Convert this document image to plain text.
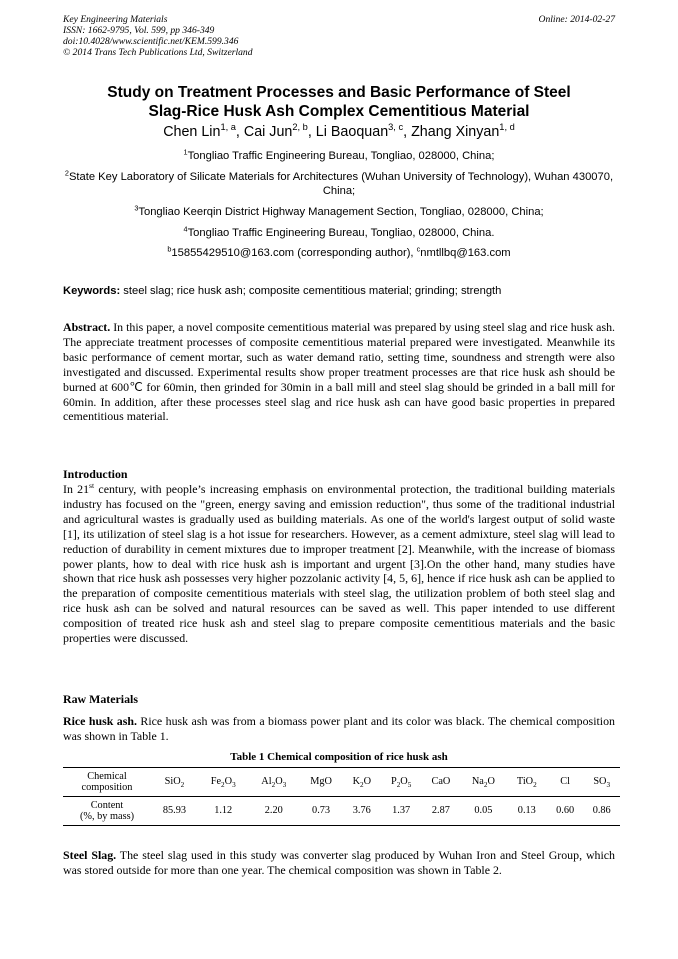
Key Engineering Materials
ISSN: 1662-9795, Vol. 599, pp 346-349
doi:10.4028/www.scientific.net/KEM.599.346
© 2014 Trans Tech Publications Ltd, Switzerland
Online: 2014-02-27
Study on Treatment Processes and Basic Performance of Steel
Slag-Rice Husk Ash Complex Cementitious Material
Chen Lin$^{1, a}$, Cai Jun$^{2, b}$, Li Baoquan$^{3, c}$, Zhang Xinyan$^{1, d}$

$^1$Tongliao Traffic Engineering Bureau, Tongliao, 028000, China;

$^2$State Key Laboratory of Silicate Materials for Architectures (Wuhan University of Technology), Wuhan 430070, China;

$^3$Tongliao Keerqin District Highway Management Section, Tongliao, 028000, China;

$^4$Tongliao Traffic Engineering Bureau, Tongliao, 028000, China.

$^b$15855429510@163.com (corresponding author), $^c$nmtllbq@163.com

Keywords: steel slag; rice husk ash; composite cementitious material; grinding; strength
Abstract. In this paper, a novel composite cementitious material was prepared by using steel slag and rice husk ash. The appreciate treatment processes of composite cementitious material prepared were investigated. Meanwhile its basic performance of cement mortar, such as water demand ratio, setting time, soundness and strength were also investigated and discussed. Experimental results show proper treatment processes are that rice husk ash should be burned at 600℃ for 60min, then grinded for 30min in a ball mill and steel slag should be grinded in a ball mill for 60min. In addition, after these processes steel slag and rice husk ash can have good basic properties in prepared cementitious material.
Introduction
In 21st century, with people’s increasing emphasis on environmental protection, the traditional building materials industry has focused on the "green, energy saving and emission reduction", thus some of the traditional industrial and agricultural wastes is gradually used as building materials. As one of the world's largest output of solid waste [1], its utilization of steel slag is a hot issue for researchers. However, as a cement admixture, steel slag will lead to reduction of durability in cement mixtures due to improper treatment [2]. Meanwhile, with the increase of biomass power plants, how to deal with rice husk ash is important and urgent [3].On the other hand, many studies have shown that rice husk ash possesses very higher pozzolanic activity [4, 5, 6], hence if rice husk ash can be applied to the preparation of composite cementitious materials with steel slag, the utilization problem of both steel slag and rice husk ash can be solved and natural resources can be saved as well. This paper intended to use different composition of treated rice husk ash and steel slag to prepare composite cementitious materials and the basic properties were discussed.
Raw Materials
Rice husk ash. Rice husk ash was from a biomass power plant and its color was black. The chemical composition was shown in Table 1.
Table 1 Chemical composition of rice husk ash
Chemical
composition	SiO$_2$	$Fe_2O_3$	$Al_2O_3$	MgO	$K_2O$	$P_2O_5$	CaO	$Na_2O$	TiO$_2$	Cl	$SO_3$
Content
(%, by mass)	85.93	1.12	2.20	0.73	3.76	1.37	2.87	0.05	0.13	0.60	0.86
Steel Slag. The steel slag used in this study was converter slag produced by Wuhan Iron and Steel Group, which was stored outside for more than one year. The chemical composition was shown in Table 2.
